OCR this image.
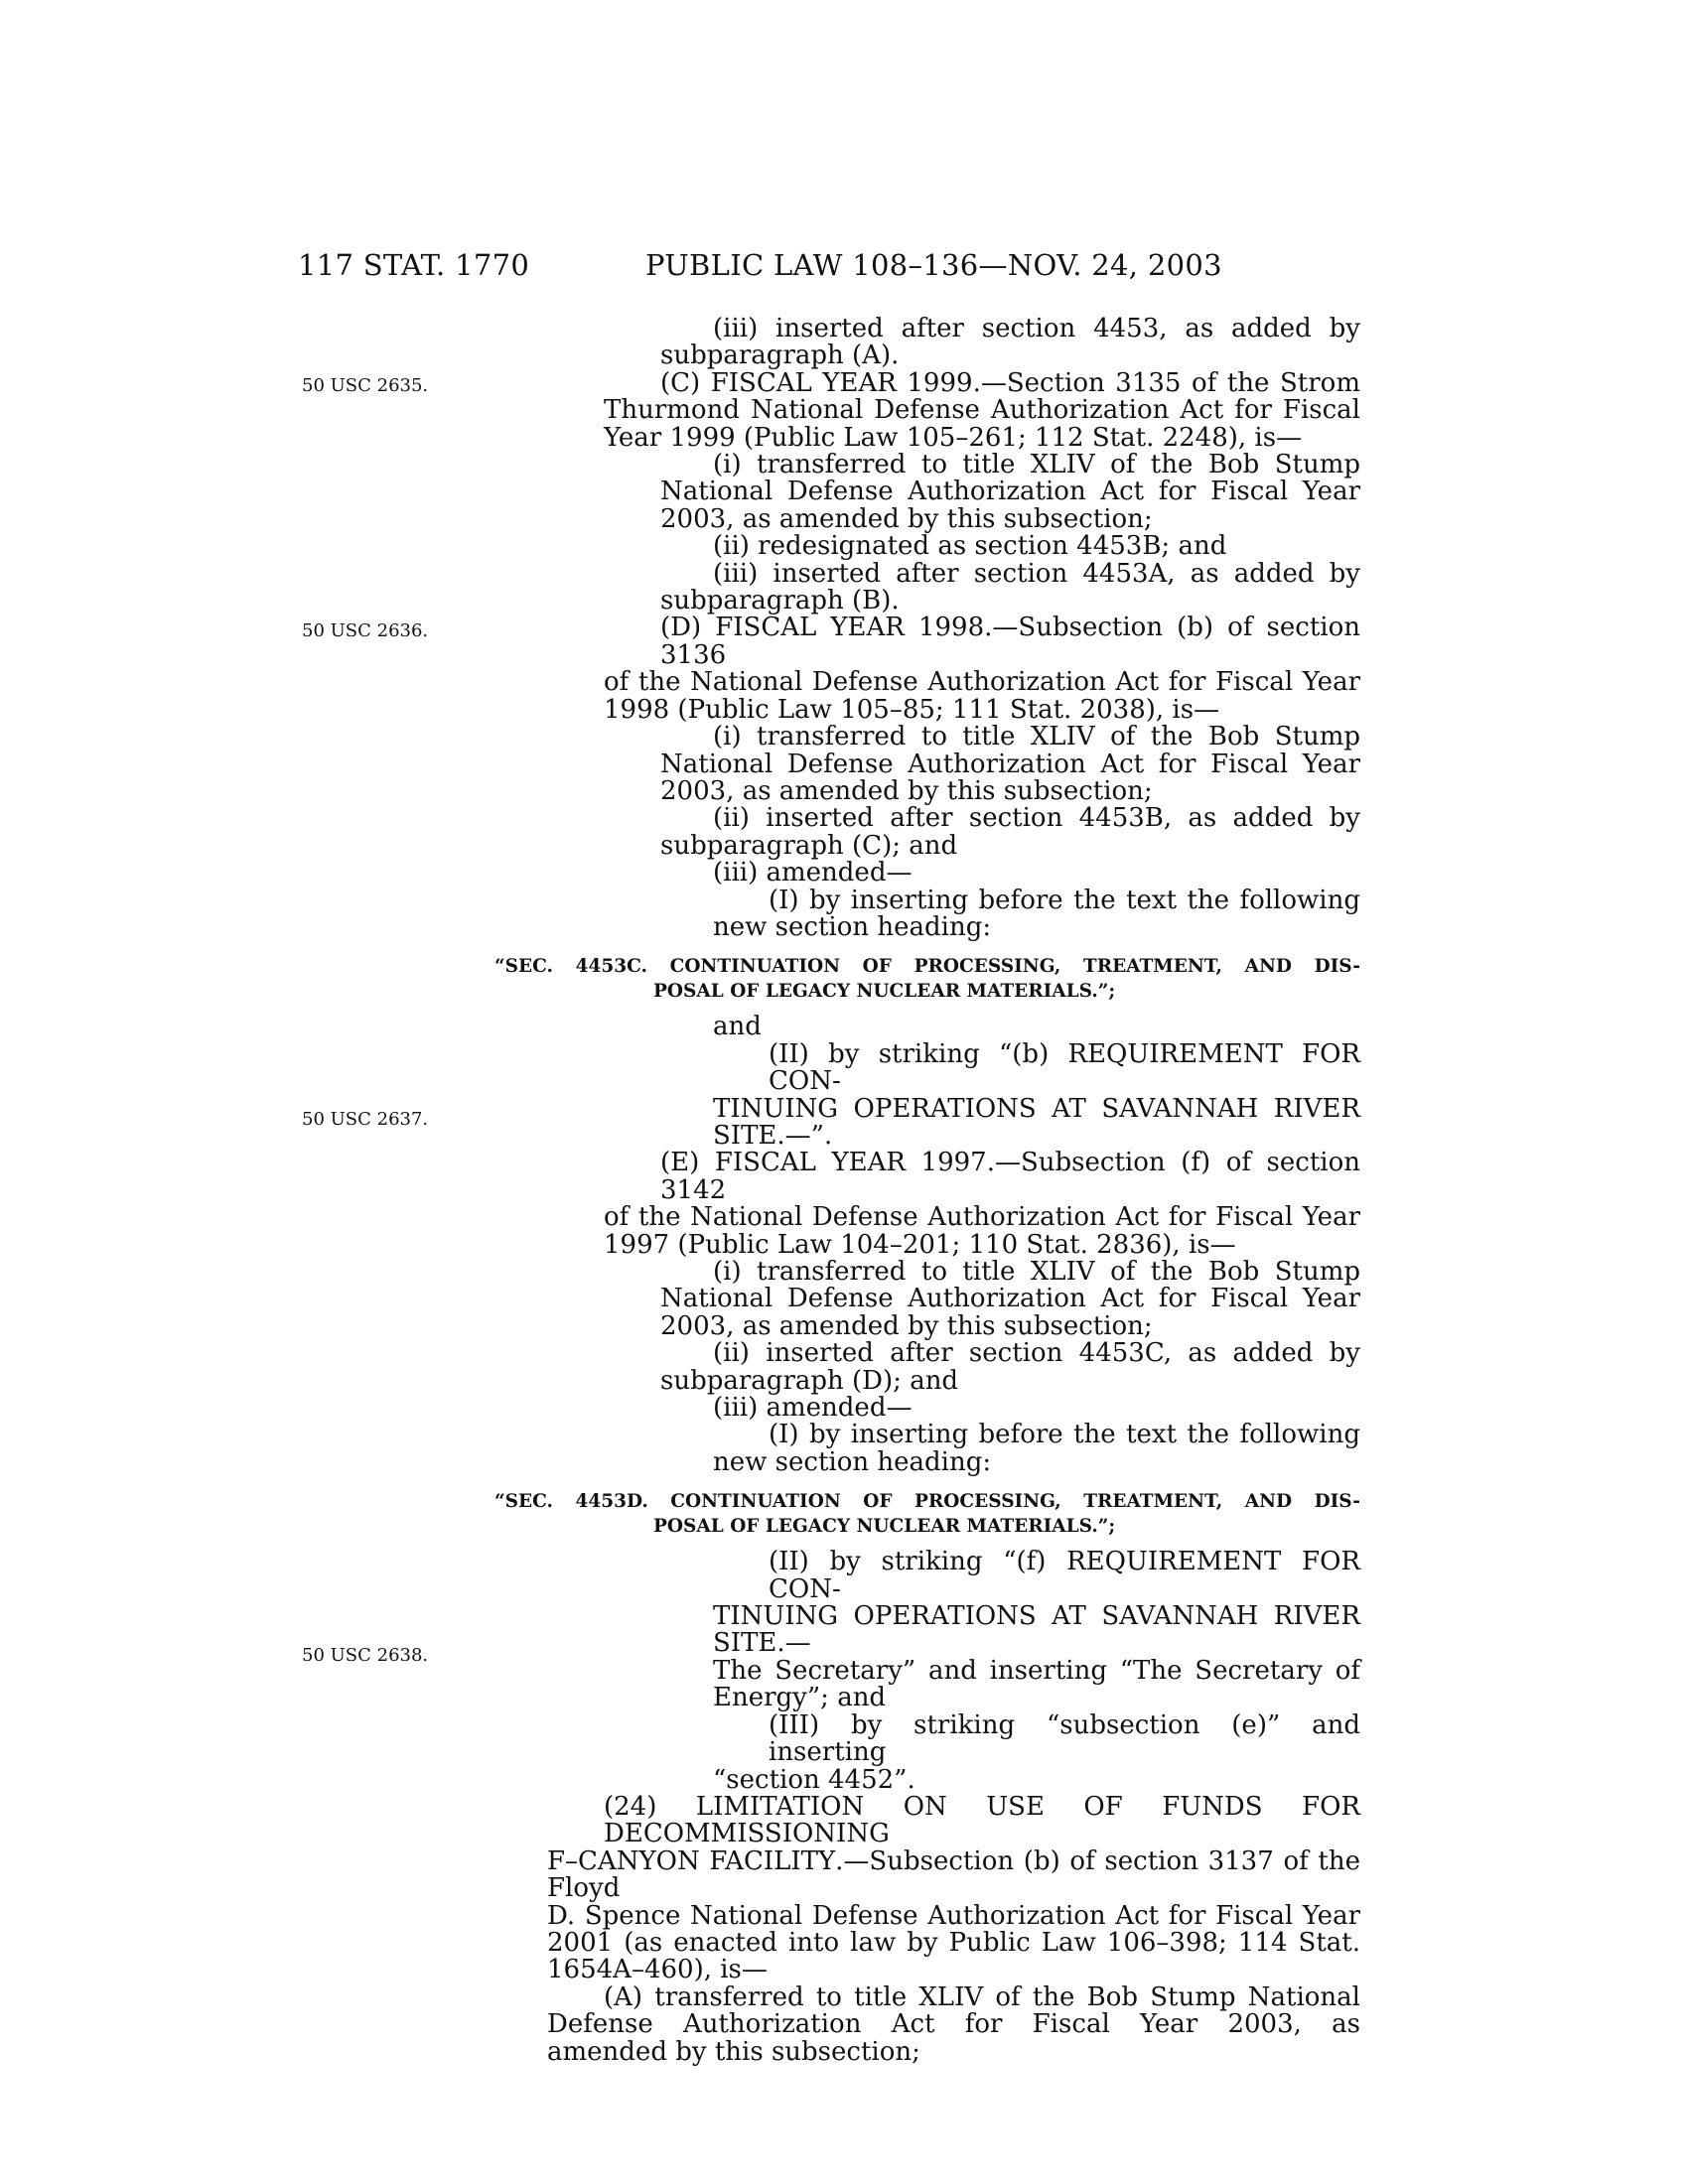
117 STAT. 1770	PUBLIC LAW 108–136—NOV. 24, 2003
50 USC 2635.
50 USC 2636.
50 USC 2637.
50 USC 2638.
(iii) inserted after section 4453, as added by
subparagraph (A).
(C) FISCAL YEAR 1999.—Section 3135 of the Strom
Thurmond National Defense Authorization Act for Fiscal
Year 1999 (Public Law 105–261; 112 Stat. 2248), is—
(i) transferred to title XLIV of the Bob Stump
National Defense Authorization Act for Fiscal Year
2003, as amended by this subsection;
(ii) redesignated as section 4453B; and
(iii) inserted after section 4453A, as added by
subparagraph (B).
(D) FISCAL YEAR 1998.—Subsection (b) of section 3136
of the National Defense Authorization Act for Fiscal Year
1998 (Public Law 105–85; 111 Stat. 2038), is—
(i) transferred to title XLIV of the Bob Stump
National Defense Authorization Act for Fiscal Year
2003, as amended by this subsection;
(ii) inserted after section 4453B, as added by
subparagraph (C); and
(iii) amended—
(I) by inserting before the text the following
new section heading:
“SEC. 4453C. CONTINUATION OF PROCESSING, TREATMENT, AND DIS-
POSAL OF LEGACY NUCLEAR MATERIALS.”;
and
(II) by striking “(b) REQUIREMENT FOR CON-
TINUING OPERATIONS AT SAVANNAH RIVER
SITE.—”.
(E) FISCAL YEAR 1997.—Subsection (f) of section 3142
of the National Defense Authorization Act for Fiscal Year
1997 (Public Law 104–201; 110 Stat. 2836), is—
(i) transferred to title XLIV of the Bob Stump
National Defense Authorization Act for Fiscal Year
2003, as amended by this subsection;
(ii) inserted after section 4453C, as added by
subparagraph (D); and
(iii) amended—
(I) by inserting before the text the following
new section heading:
“SEC. 4453D. CONTINUATION OF PROCESSING, TREATMENT, AND DIS-
POSAL OF LEGACY NUCLEAR MATERIALS.”;
(II) by striking “(f) REQUIREMENT FOR CON-
TINUING OPERATIONS AT SAVANNAH RIVER SITE.—
The Secretary” and inserting “The Secretary of
Energy”; and
(III) by striking “subsection (e)” and inserting
“section 4452”.
(24) LIMITATION ON USE OF FUNDS FOR DECOMMISSIONING
F–CANYON FACILITY.—Subsection (b) of section 3137 of the Floyd
D. Spence National Defense Authorization Act for Fiscal Year
2001 (as enacted into law by Public Law 106–398; 114 Stat.
1654A–460), is—
(A) transferred to title XLIV of the Bob Stump National
Defense Authorization Act for Fiscal Year 2003, as
amended by this subsection;
